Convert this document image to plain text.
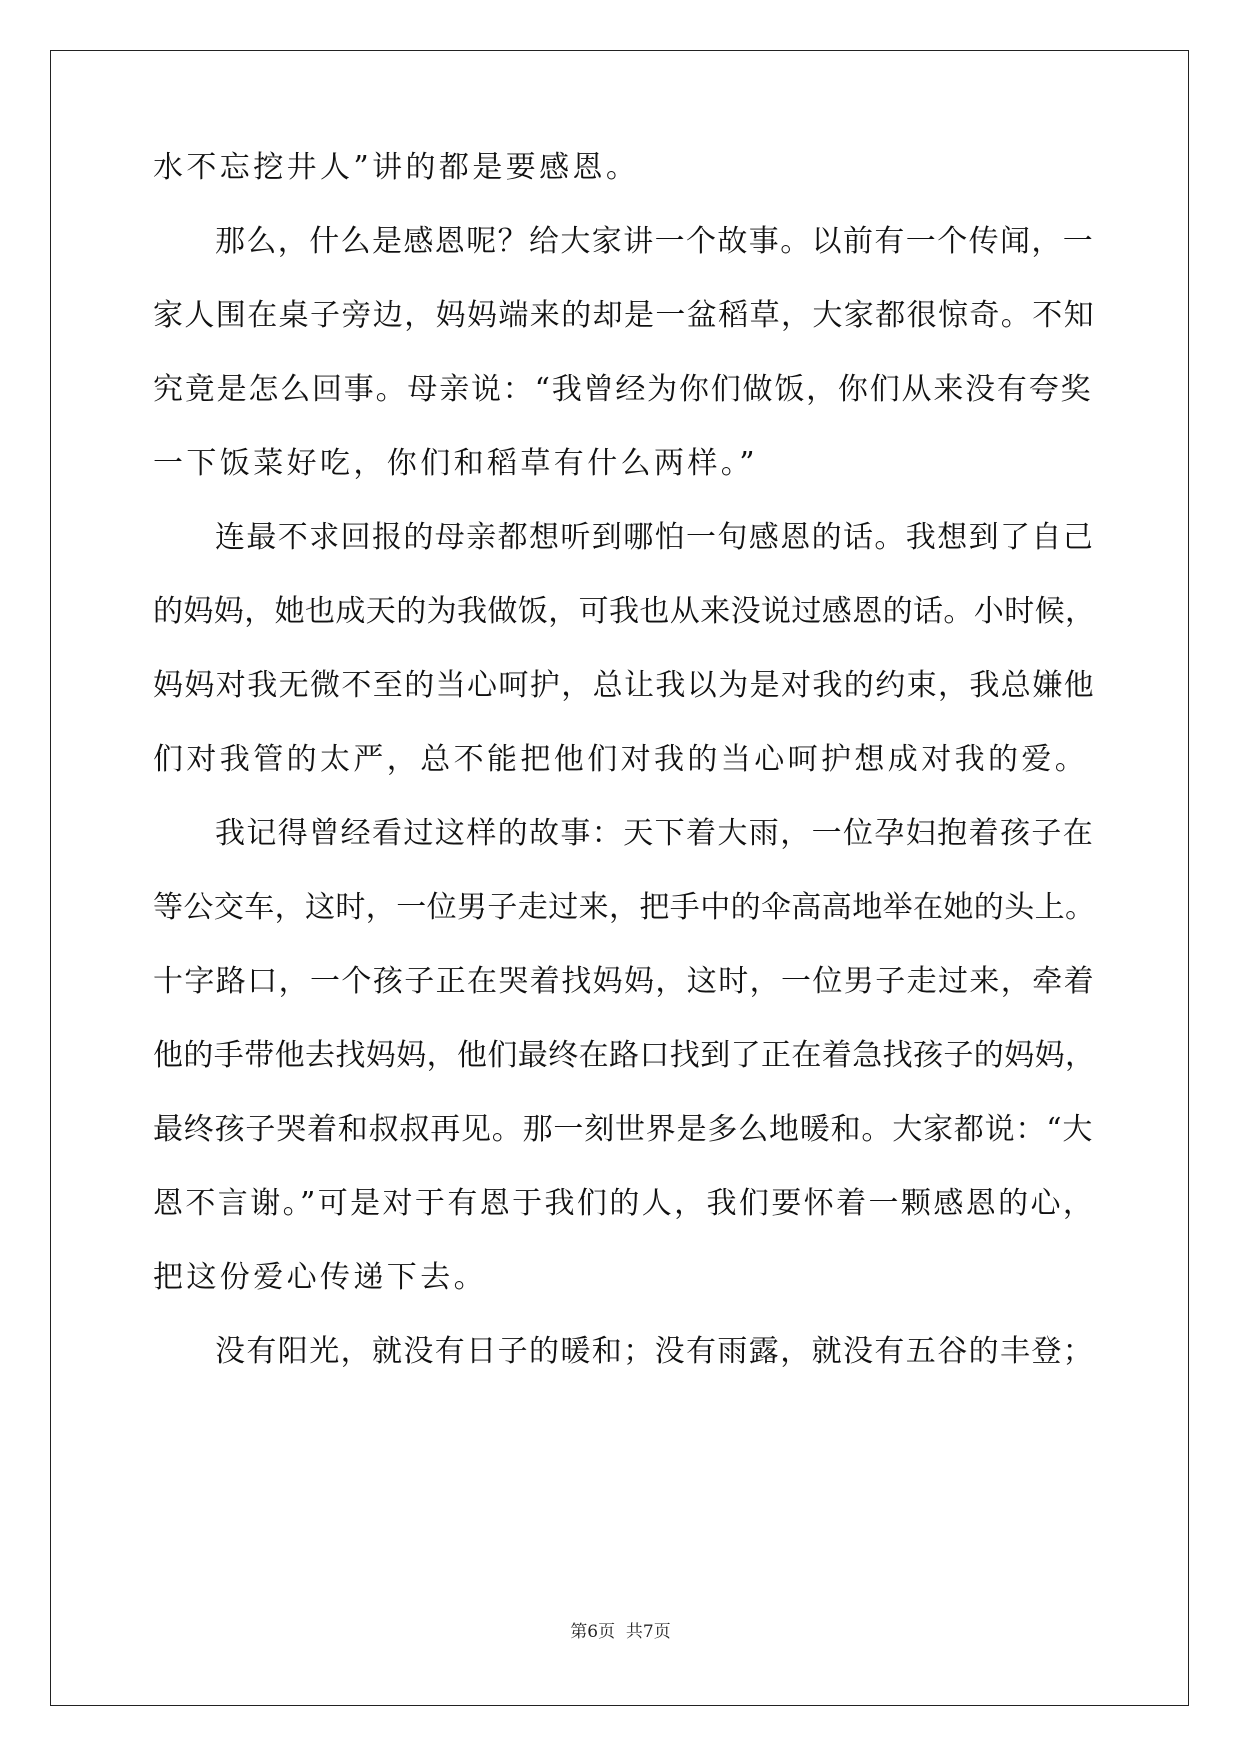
水不忘挖井人”讲的都是要感恩。
那么，什么是感恩呢？给大家讲一个故事。以前有一个传闻，一
家人围在桌子旁边，妈妈端来的却是一盆稻草，大家都很惊奇。不知
究竟是怎么回事。母亲说：“我曾经为你们做饭，你们从来没有夸奖
一下饭菜好吃，你们和稻草有什么两样。”
连最不求回报的母亲都想听到哪怕一句感恩的话。我想到了自己
的妈妈，她也成天的为我做饭，可我也从来没说过感恩的话。小时候，
妈妈对我无微不至的当心呵护，总让我以为是对我的约束，我总嫌他
们对我管的太严，总不能把他们对我的当心呵护想成对我的爱。
我记得曾经看过这样的故事：天下着大雨，一位孕妇抱着孩子在
等公交车，这时，一位男子走过来，把手中的伞高高地举在她的头上。
十字路口，一个孩子正在哭着找妈妈，这时，一位男子走过来，牵着
他的手带他去找妈妈，他们最终在路口找到了正在着急找孩子的妈妈，
最终孩子哭着和叔叔再见。那一刻世界是多么地暖和。大家都说：“大
恩不言谢。”可是对于有恩于我们的人，我们要怀着一颗感恩的心，
把这份爱心传递下去。
没有阳光，就没有日子的暖和；没有雨露，就没有五谷的丰登；
第6页  共7页
